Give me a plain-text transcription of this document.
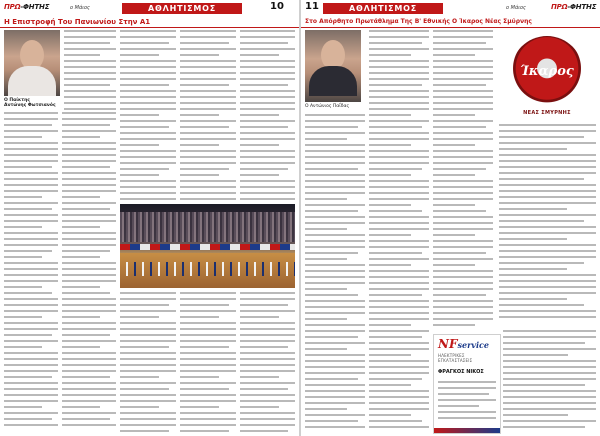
ΠΡΩ-ΦΗΤΗΣ	ο Μάιος	ΑΘΛΗΤΙΣΜΟΣ	10
Η Επιστροφή Του Πανιωνίου Στην Α1
Ο Παίκτης
Αντώνης Φωτσιανός
11	ΑΘΛΗΤΙΣΜΟΣ	ο Μάιος	ΠΡΩ-ΦΗΤΗΣ
Στο Απόρθητο Πρωτάθλημα Της Β' Εθνικής Ο Ίκαρος Νέας Σμύρνης
Ο Αντώνιος Παΐδας
Ίκαρος
ΝΕΑΣ ΣΜΥΡΝΗΣ
NFservice
ΗΛΕΚΤΡΙΚΕΣ ΕΓΚΑΤΑΣΤΑΣΕΙΣ
ΦΡΑΓΚΟΣ ΝΙΚΟΣ
